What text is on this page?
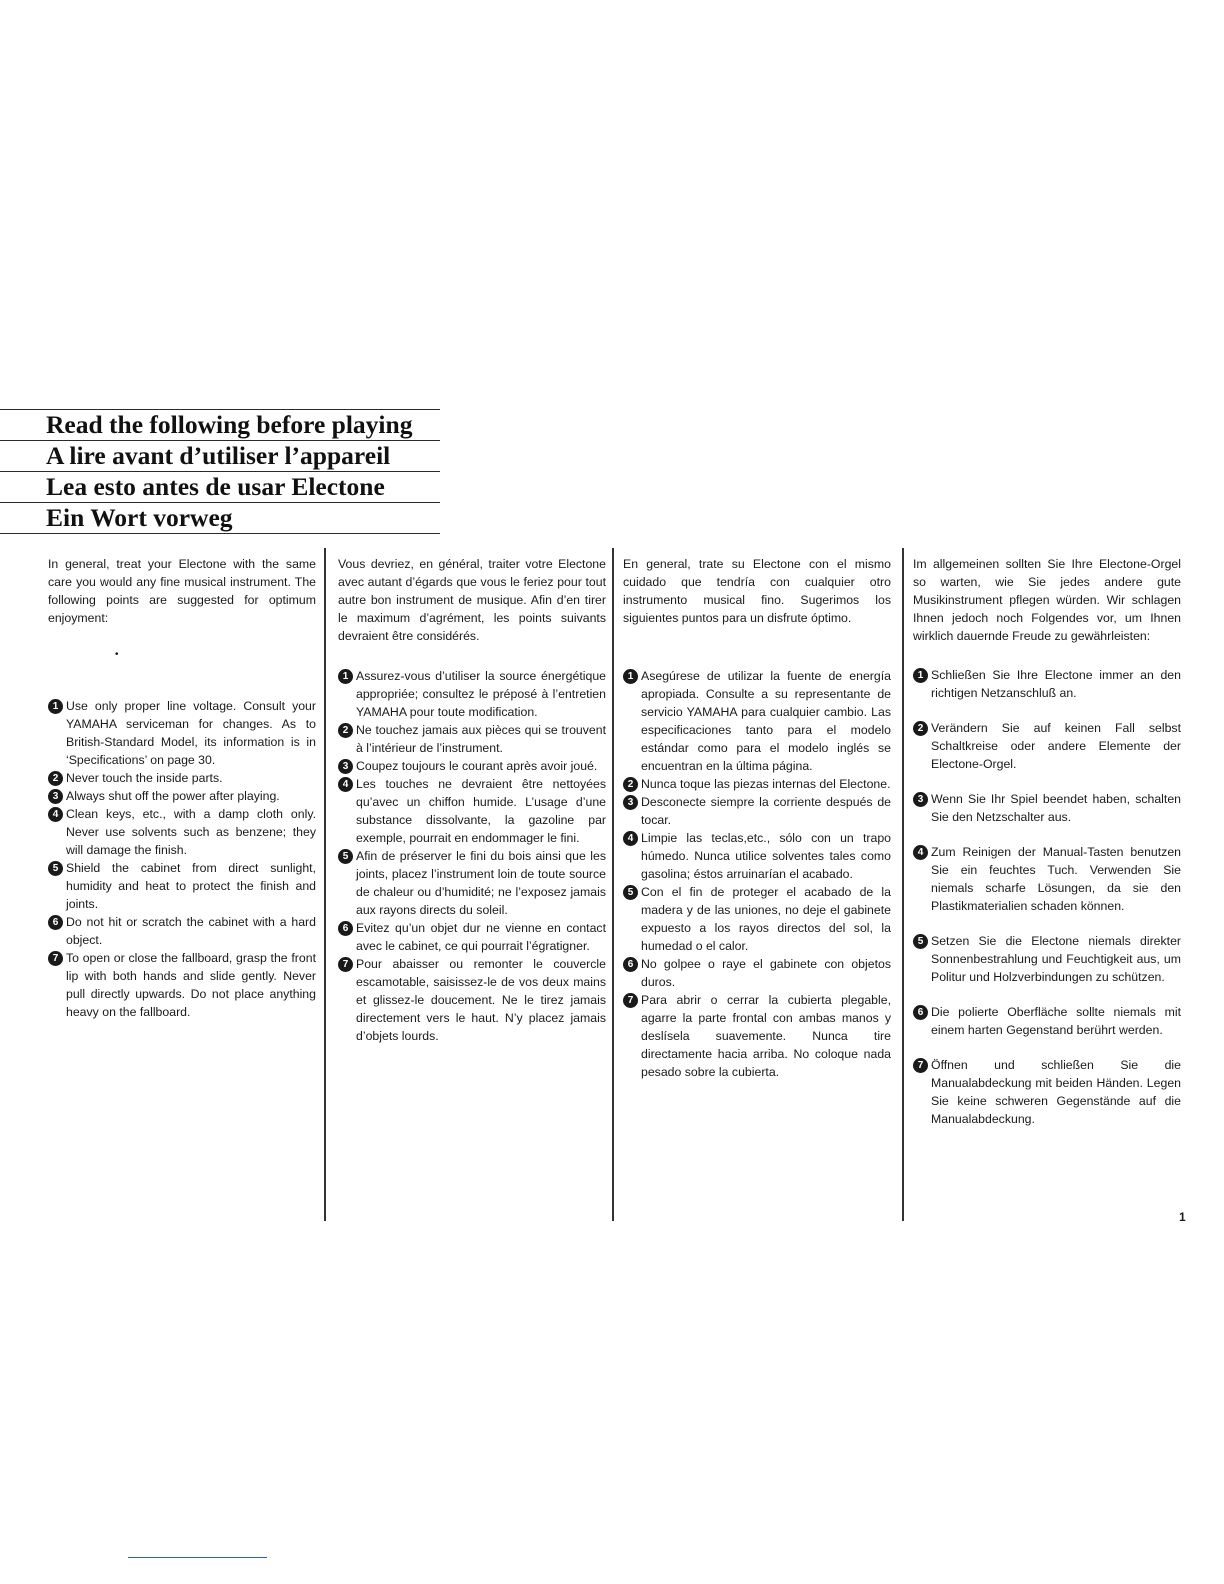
Read the following before playing
A lire avant d’utiliser l’appareil
Lea esto antes de usar Electone
Ein Wort vorweg

In general, treat your Electone with the same care you would any fine musical instrument. The following points are suggested for optimum enjoyment:

•
1 Use only proper line voltage. Consult your YAMAHA serviceman for changes. As to British-Standard Model, its information is in ‘Specifications’ on page 30.
2 Never touch the inside parts.
3 Always shut off the power after playing.
4 Clean keys, etc., with a damp cloth only. Never use solvents such as benzene; they will damage the finish.
5 Shield the cabinet from direct sunlight, humidity and heat to protect the finish and joints.
6 Do not hit or scratch the cabinet with a hard object.
7 To open or close the fallboard, grasp the front lip with both hands and slide gently. Never pull directly upwards. Do not place anything heavy on the fallboard.

Vous devriez, en général, traiter votre Electone avec autant d’égards que vous le feriez pour tout autre bon instrument de musique. Afin d’en tirer le maximum d’agrément, les points suivants devraient être considérés.

1 Assurez-vous d’utiliser la source énergétique appropriée; consultez le préposé à l’entretien YAMAHA pour toute modification.
2 Ne touchez jamais aux pièces qui se trouvent à l’intérieur de l’instrument.
3 Coupez toujours le courant après avoir joué.
4 Les touches ne devraient être nettoyées qu’avec un chiffon humide. L’usage d’une substance dissolvante, la gazoline par exemple, pourrait en endommager le fini.
5 Afin de préserver le fini du bois ainsi que les joints, placez l’instrument loin de toute source de chaleur ou d’humidité; ne l’exposez jamais aux rayons directs du soleil.
6 Evitez qu’un objet dur ne vienne en contact avec le cabinet, ce qui pourrait l’égratigner.
7 Pour abaisser ou remonter le couvercle escamotable, saisissez-le de vos deux mains et glissez-le doucement. Ne le tirez jamais directement vers le haut. N’y placez jamais d’objets lourds.

En general, trate su Electone con el mismo cuidado que tendría con cualquier otro instrumento musical fino. Sugerimos los siguientes puntos para un disfrute óptimo.

1 Asegúrese de utilizar la fuente de energía apropiada. Consulte a su representante de servicio YAMAHA para cualquier cambio. Las especificaciones tanto para el modelo estándar como para el modelo inglés se encuentran en la última página.
2 Nunca toque las piezas internas del Electone.
3 Desconecte siempre la corriente después de tocar.
4 Limpie las teclas,etc., sólo con un trapo húmedo. Nunca utilice solventes tales como gasolina; éstos arruinarían el acabado.
5 Con el fin de proteger el acabado de la madera y de las uniones, no deje el gabinete expuesto a los rayos directos del sol, la humedad o el calor.
6 No golpee o raye el gabinete con objetos duros.
7 Para abrir o cerrar la cubierta plegable, agarre la parte frontal con ambas manos y deslísela suavemente. Nunca tire directamente hacia arriba. No coloque nada pesado sobre la cubierta.

Im allgemeinen sollten Sie Ihre Electone-Orgel so warten, wie Sie jedes andere gute Musikinstrument pflegen würden. Wir schlagen Ihnen jedoch noch Folgendes vor, um Ihnen wirklich dauernde Freude zu gewährleisten:

1 Schließen Sie Ihre Electone immer an den richtigen Netzanschluß an.
2 Verändern Sie auf keinen Fall selbst Schaltkreise oder andere Elemente der Electone-Orgel.
3 Wenn Sie Ihr Spiel beendet haben, schalten Sie den Netzschalter aus.
4 Zum Reinigen der Manual-Tasten benutzen Sie ein feuchtes Tuch. Verwenden Sie niemals scharfe Lösungen, da sie den Plastikmaterialien schaden können.
5 Setzen Sie die Electone niemals direkter Sonnenbestrahlung und Feuchtigkeit aus, um Politur und Holzverbindungen zu schützen.
6 Die polierte Oberfläche sollte niemals mit einem harten Gegenstand berührt werden.
7 Öffnen und schließen Sie die Manualabdeckung mit beiden Händen. Legen Sie keine schweren Gegenstände auf die Manualabdeckung.
1
